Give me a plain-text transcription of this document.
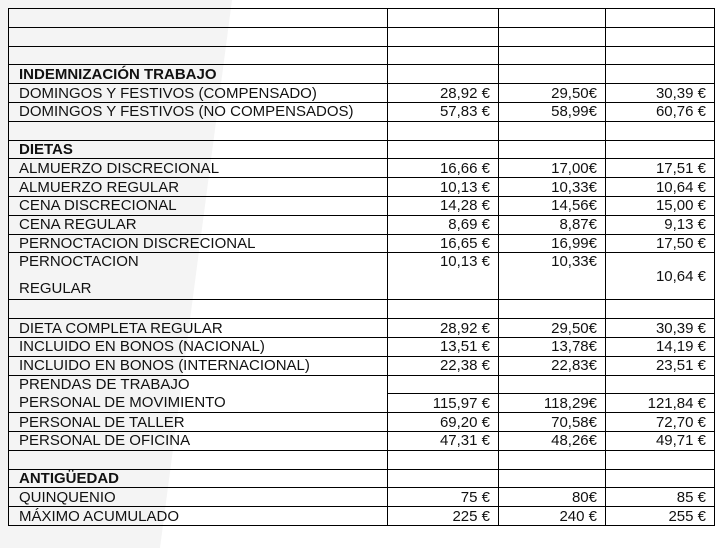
INDEMNIZACIÓN TRABAJO			
DOMINGOS Y FESTIVOS (COMPENSADO)	28,92 €	29,50€	30,39 €
DOMINGOS Y FESTIVOS (NO COMPENSADOS)	57,83 €	58,99€	60,76 €

DIETAS			
ALMUERZO DISCRECIONAL	16,66 €	17,00€	17,51 €
ALMUERZO REGULAR	10,13 €	10,33€	10,64 €
CENA DISCRECIONAL	14,28 €	14,56€	15,00 €
CENA REGULAR	8,69 €	8,87€	9,13 €
PERNOCTACION DISCRECIONAL	16,65 €	16,99€	17,50 €

PERNOCTACION
REGULAR	10,13 €	10,33€	10,64 €

DIETA COMPLETA REGULAR	28,92 €	29,50€	30,39 €
INCLUIDO EN BONOS (NACIONAL)	13,51 €	13,78€	14,19 €
INCLUIDO EN BONOS (INTERNACIONAL)	22,38 €	22,83€	23,51 €
PRENDAS DE TRABAJO			
PERSONAL DE MOVIMIENTO	115,97 €	118,29€	121,84 €
PERSONAL DE TALLER	69,20 €	70,58€	72,70 €
PERSONAL DE OFICINA	47,31 €	48,26€	49,71 €

ANTIGÜEDAD			
QUINQUENIO	75 €	80€	85 €
MÁXIMO ACUMULADO	225 €	240 €	255 €
